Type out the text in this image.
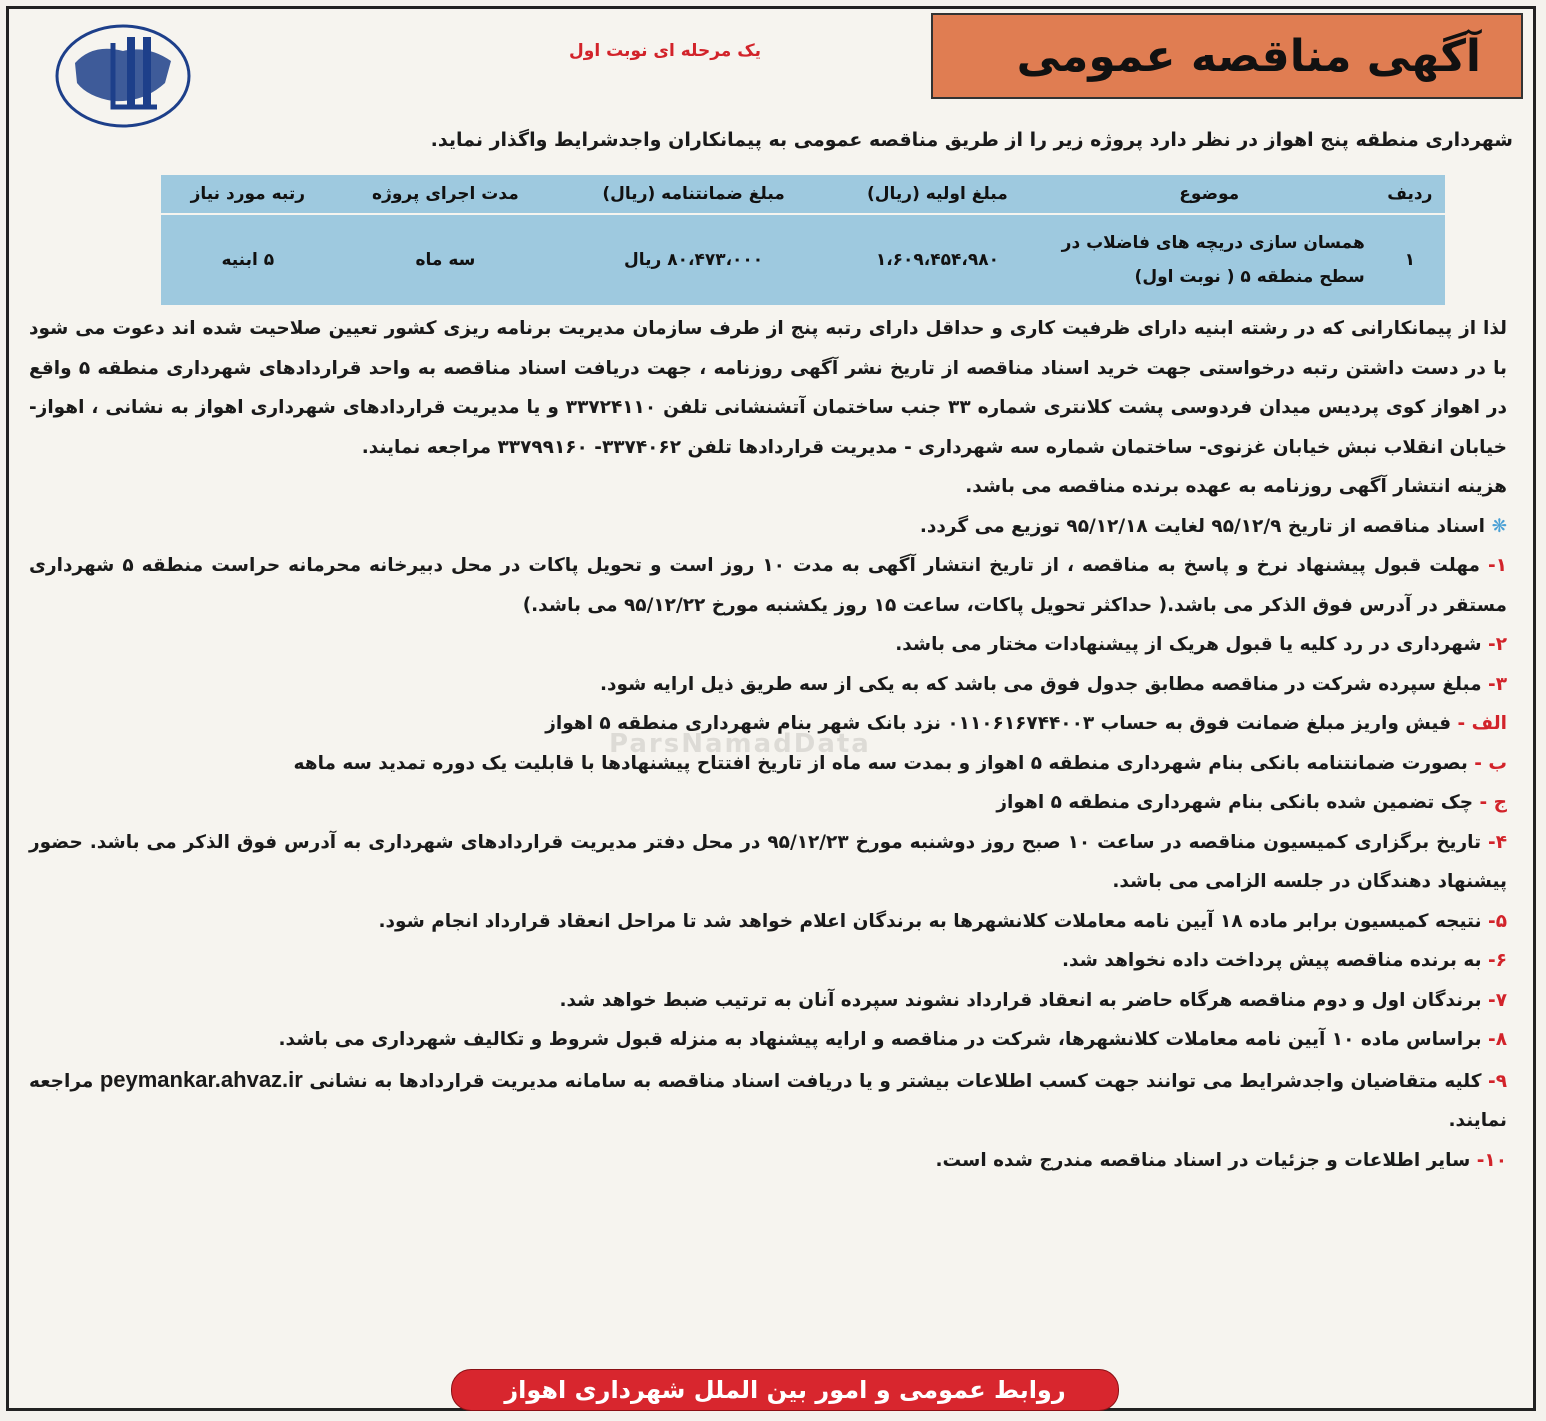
آگهی مناقصه عمومی
یک مرحله ای نوبت اول
شهرداری منطقه پنج اهواز در نظر دارد پروژه زیر را از طریق مناقصه عمومی به پیمانکاران واجدشرایط واگذار نماید.
ردیف	موضوع	مبلغ اولیه (ریال)	مبلغ ضمانتنامه (ریال)	مدت اجرای پروژه	رتبه مورد نیاز
۱	همسان سازی دریچه های فاضلاب در سطح منطقه ۵ ( نوبت اول)	۱،۶۰۹،۴۵۴،۹۸۰	۸۰،۴۷۳،۰۰۰ ریال	سه ماه	۵ ابنیه
ParsNamadData

لذا از پیمانکارانی که در رشته ابنیه دارای ظرفیت کاری و حداقل دارای رتبه پنج از طرف سازمان مدیریت برنامه ریزی کشور تعیین صلاحیت شده اند دعوت می شود با در دست داشتن رتبه درخواستی جهت خرید اسناد مناقصه از تاریخ نشر آگهی روزنامه ، جهت دریافت اسناد مناقصه به واحد قراردادهای شهرداری منطقه ۵ واقع در اهواز کوی پردیس میدان فردوسی پشت کلانتری شماره ۳۳ جنب ساختمان آتشنشانی تلفن ۳۳۷۲۴۱۱۰ و یا مدیریت قراردادهای شهرداری اهواز به نشانی ، اهواز- خیابان انقلاب نبش خیابان غزنوی- ساختمان شماره سه شهرداری - مدیریت قراردادها تلفن ۳۳۷۴۰۶۲- ۳۳۷۹۹۱۶۰ مراجعه نمایند.

هزینه انتشار آگهی روزنامه به عهده برنده مناقصه می باشد.

❋ اسناد مناقصه از تاریخ ۹۵/۱۲/۹ لغایت ۹۵/۱۲/۱۸ توزیع می گردد.

۱- مهلت قبول پیشنهاد نرخ و پاسخ به مناقصه ، از تاریخ انتشار آگهی به مدت ۱۰ روز است و تحویل پاکات در محل دبیرخانه محرمانه حراست منطقه ۵ شهرداری مستقر در آدرس فوق الذکر می باشد.( حداکثر تحویل پاکات، ساعت ۱۵ روز یکشنبه مورخ ۹۵/۱۲/۲۲ می باشد.)

۲- شهرداری در رد کلیه یا قبول هریک از پیشنهادات مختار می باشد.

۳- مبلغ سپرده شرکت در مناقصه مطابق جدول فوق می باشد که به یکی از سه طریق ذیل ارایه شود.

الف - فیش واریز مبلغ ضمانت فوق به حساب ۰۱۱۰۶۱۶۷۴۴۰۰۳ نزد بانک شهر بنام شهرداری منطقه ۵ اهواز

ب - بصورت ضمانتنامه بانکی بنام شهرداری منطقه ۵ اهواز و بمدت سه ماه از تاریخ افتتاح پیشنهادها با قابلیت یک دوره تمدید سه ماهه

ج - چک تضمین شده بانکی بنام شهرداری منطقه ۵ اهواز

۴- تاریخ برگزاری کمیسیون مناقصه در ساعت ۱۰ صبح روز دوشنبه مورخ ۹۵/۱۲/۲۳ در محل دفتر مدیریت قراردادهای شهرداری به آدرس فوق الذکر می باشد. حضور پیشنهاد دهندگان در جلسه الزامی می باشد.

۵- نتیجه کمیسیون برابر ماده ۱۸ آیین نامه معاملات کلانشهرها به برندگان اعلام خواهد شد تا مراحل انعقاد قرارداد انجام شود.

۶- به برنده مناقصه پیش پرداخت داده نخواهد شد.

۷- برندگان اول و دوم مناقصه هرگاه حاضر به انعقاد قرارداد نشوند سپرده آنان به ترتیب ضبط خواهد شد.

۸- براساس ماده ۱۰ آیین نامه معاملات کلانشهرها، شرکت در مناقصه و ارایه پیشنهاد به منزله قبول شروط و تکالیف شهرداری می باشد.

۹- کلیه متقاضیان واجدشرایط می توانند جهت کسب اطلاعات بیشتر و یا دریافت اسناد مناقصه به سامانه مدیریت قراردادها به نشانی peymankar.ahvaz.ir مراجعه نمایند.

۱۰- سایر اطلاعات و جزئیات در اسناد مناقصه مندرج شده است.

روابط عمومی و امور بین الملل شهرداری اهواز
